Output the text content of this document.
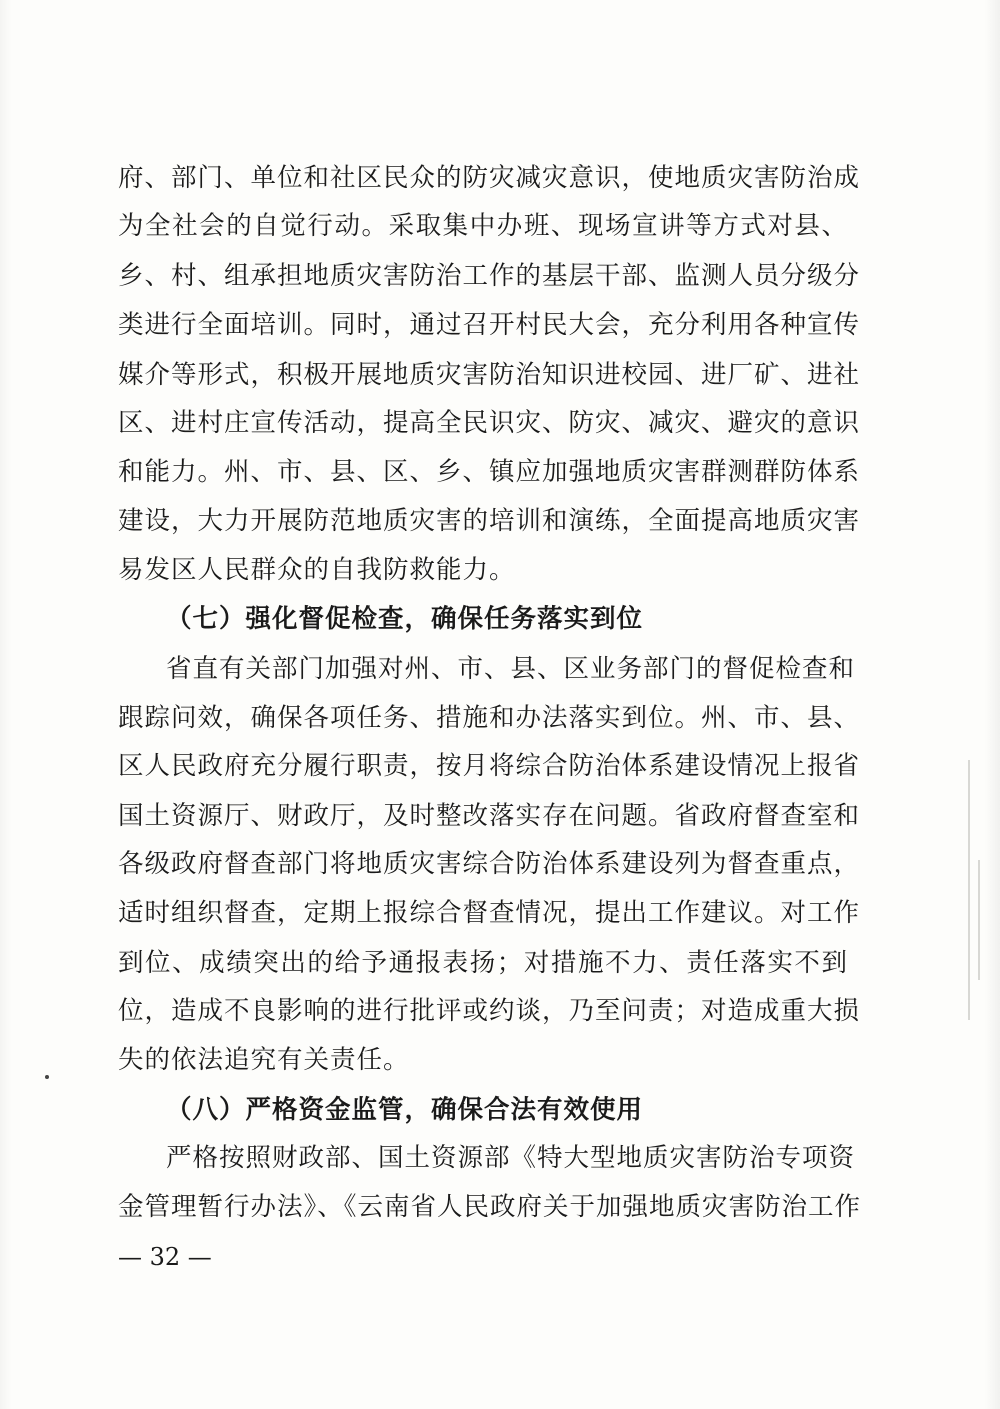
府、部门、单位和社区民众的防灾减灾意识，使地质灾害防治成
为全社会的自觉行动。采取集中办班、现场宣讲等方式对县、
乡、村、组承担地质灾害防治工作的基层干部、监测人员分级分
类进行全面培训。同时，通过召开村民大会，充分利用各种宣传
媒介等形式，积极开展地质灾害防治知识进校园、进厂矿、进社
区、进村庄宣传活动，提高全民识灾、防灾、减灾、避灾的意识
和能力。州、市、县、区、乡、镇应加强地质灾害群测群防体系
建设，大力开展防范地质灾害的培训和演练，全面提高地质灾害
易发区人民群众的自我防救能力。
（七）强化督促检查，确保任务落实到位
省直有关部门加强对州、市、县、区业务部门的督促检查和
跟踪问效，确保各项任务、措施和办法落实到位。州、市、县、
区人民政府充分履行职责，按月将综合防治体系建设情况上报省
国土资源厅、财政厅，及时整改落实存在问题。省政府督查室和
各级政府督查部门将地质灾害综合防治体系建设列为督查重点，
适时组织督查，定期上报综合督查情况，提出工作建议。对工作
到位、成绩突出的给予通报表扬；对措施不力、责任落实不到
位，造成不良影响的进行批评或约谈，乃至问责；对造成重大损
失的依法追究有关责任。
（八）严格资金监管，确保合法有效使用
严格按照财政部、国土资源部《特大型地质灾害防治专项资
金管理暂行办法》、《云南省人民政府关于加强地质灾害防治工作
— 32 —
